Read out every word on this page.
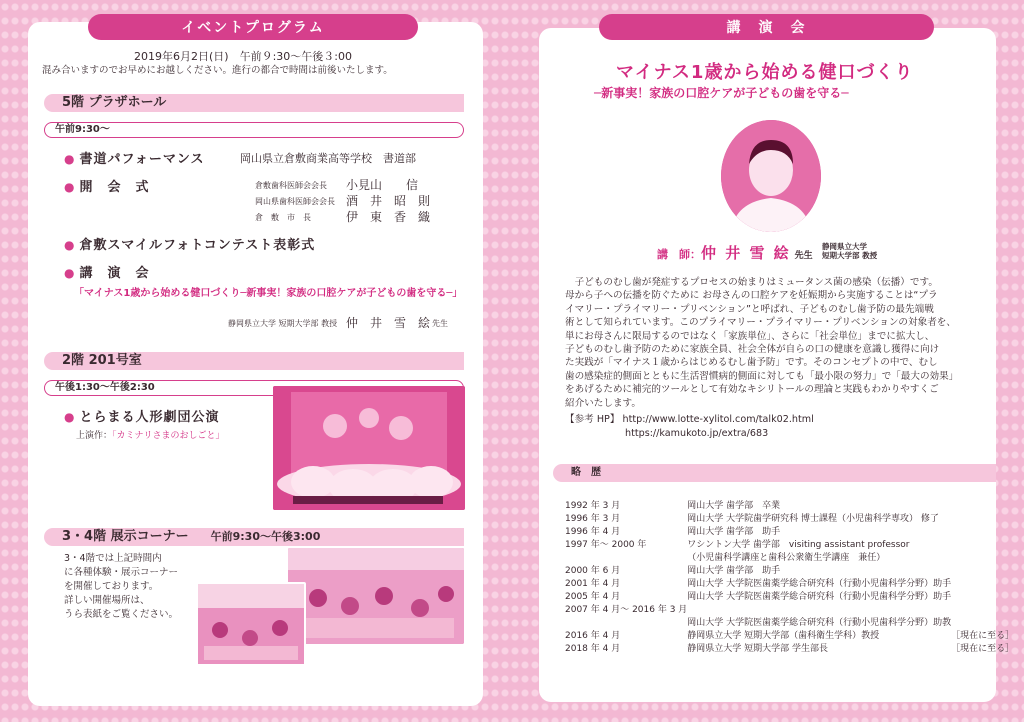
イベントプログラム
2019年6月2日(日)　午前９:30〜午後３:00
混み合いますのでお早めにお越しください。進行の都合で時間は前後いたします。
5階 プラザホール
午前9:30〜
● 書道パフォーマンス	岡山県立倉敷商業高等学校　書道部
● 開　会　式	倉敷歯科医師会会長 小見山　　信
岡山県歯科医師会会長 酒　井　昭　則
倉　敷　市　長	伊　東　香　織
● 倉敷スマイルフォトコンテスト表彰式
● 講　演　会
「マイナス1歳から始める健口づくり─新事実！家族の口腔ケアが子どもの歯を守る─」
静岡県立大学 短期大学部 教授 仲　井　雪　絵 先生
2階 201号室
午後1:30〜午後2:30
● とらまる人形劇団公演
上演作：「カミナリさまのおしごと」
3・4階 展示コーナー 午前9:30〜午後3:00
3・4階では上記時間内
に各種体験・展示コーナー
を開催しております。
詳しい開催場所は、
うら表紙をご覧ください。
講　演　会
マイナス1歳から始める健口づくり
─新事実！家族の口腔ケアが子どもの歯を守る─
講　師：仲 井 雪 絵 先生
静岡県立大学
短期大学部 教授
　子どものむし歯が発症するプロセスの始まりはミュータンス菌の感染（伝播）です。
母から子への伝播を防ぐために お母さんの口腔ケアを妊娠期から実施することは“プラ
イマリー・プライマリー・プリベンション”と呼ばれ、子どものむし歯予防の最先端戦
術として知られています。このプライマリー・プライマリー・プリベンションの対象者を、
単にお母さんに限局するのではなく「家族単位」、さらに「社会単位」までに拡大し、
子どものむし歯予防のために家族全員、社会全体が自らの口の健康を意識し獲得に向け
た実践が「マイナス１歳からはじめるむし歯予防」です。そのコンセプトの中で、むし
歯の感染症的側面とともに生活習慣病的側面に対しても「最小限の努力」で「最大の効果」
をあげるために補完的ツールとして有効なキシリトールの理論と実践もわかりやすくご
紹介いたします。
【参考 HP】 http://www.lotte-xylitol.com/talk02.html
https://kamukoto.jp/extra/683
略　歴
1992 年 3 月	岡山大学 歯学部　卒業	
1996 年 3 月	岡山大学 大学院歯学研究科 博士課程（小児歯科学専攻） 修了	
1996 年 4 月	岡山大学 歯学部　助手	
1997 年〜 2000 年	ワシントン大学 歯学部　visiting assistant professor	
	（小児歯科学講座と歯科公衆衛生学講座　兼任）	
2000 年 6 月	岡山大学 歯学部　助手	
2001 年 4 月	岡山大学 大学院医歯薬学総合研究科（行動小児歯科学分野）助手	
2005 年 4 月	岡山大学 大学院医歯薬学総合研究科（行動小児歯科学分野）助手	
2007 年 4 月〜 2016 年 3 月		
	岡山大学 大学院医歯薬学総合研究科（行動小児歯科学分野）助教	
2016 年 4 月	静岡県立大学 短期大学部（歯科衛生学科）教授	［現在に至る］
2018 年 4 月	静岡県立大学 短期大学部 学生部長	［現在に至る］
